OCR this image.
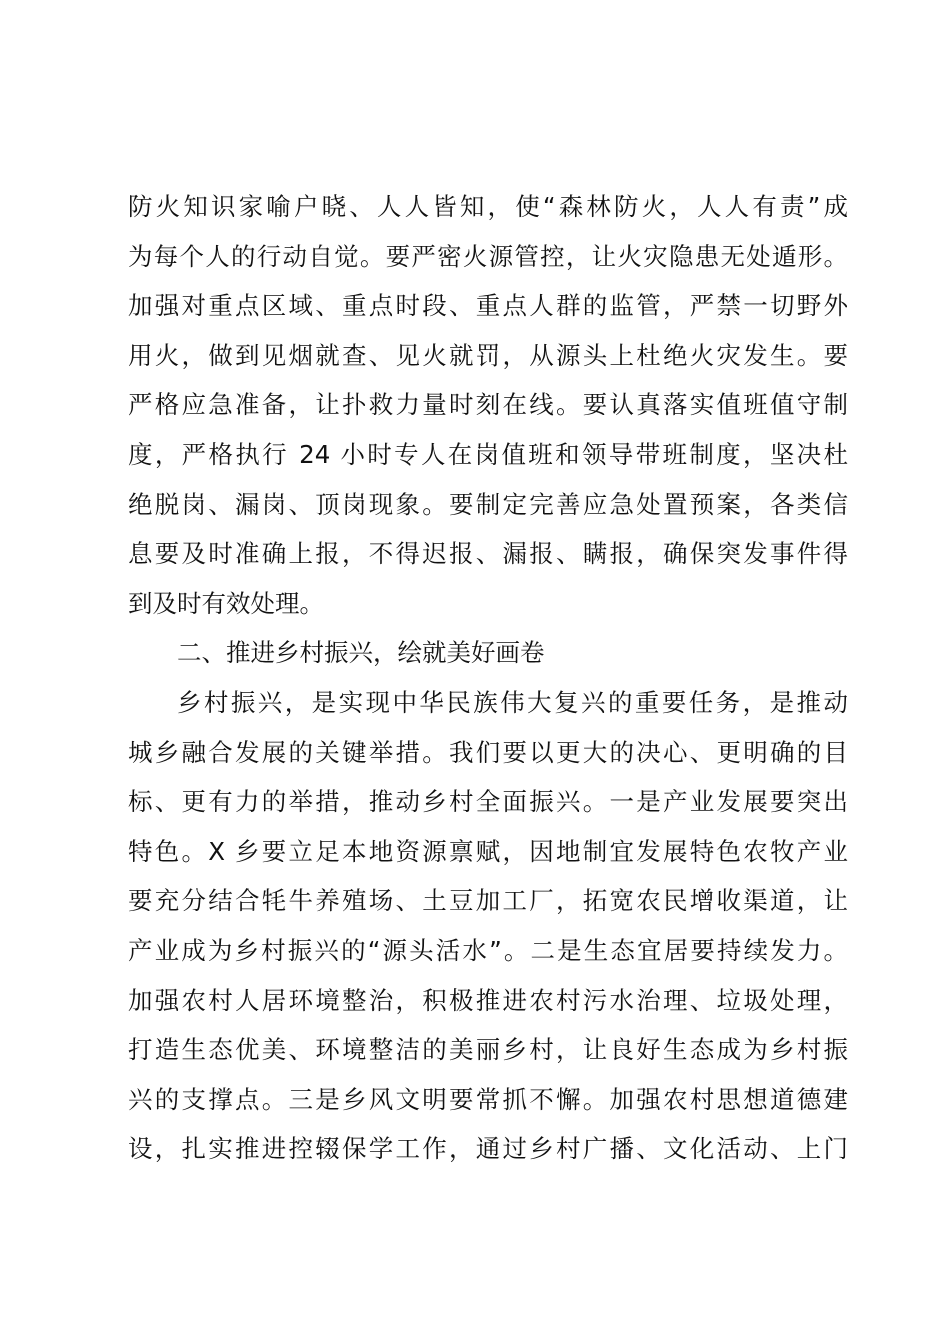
防火知识家喻户晓、人人皆知，使“森林防火，人人有责”成
为每个人的行动自觉。要严密火源管控，让火灾隐患无处遁形。
加强对重点区域、重点时段、重点人群的监管，严禁一切野外
用火，做到见烟就查、见火就罚，从源头上杜绝火灾发生。要
严格应急准备，让扑救力量时刻在线。要认真落实值班值守制
度，严格执行 24 小时专人在岗值班和领导带班制度，坚决杜
绝脱岗、漏岗、顶岗现象。要制定完善应急处置预案，各类信
息要及时准确上报，不得迟报、漏报、瞒报，确保突发事件得
到及时有效处理。
二、推进乡村振兴，绘就美好画卷
乡村振兴，是实现中华民族伟大复兴的重要任务，是推动
城乡融合发展的关键举措。我们要以更大的决心、更明确的目
标、更有力的举措，推动乡村全面振兴。一是产业发展要突出
特色。X 乡要立足本地资源禀赋，因地制宜发展特色农牧产业
要充分结合牦牛养殖场、土豆加工厂，拓宽农民增收渠道，让
产业成为乡村振兴的“源头活水”。二是生态宜居要持续发力。
加强农村人居环境整治，积极推进农村污水治理、垃圾处理，
打造生态优美、环境整洁的美丽乡村，让良好生态成为乡村振
兴的支撑点。三是乡风文明要常抓不懈。加强农村思想道德建
设，扎实推进控辍保学工作，通过乡村广播、文化活动、上门
